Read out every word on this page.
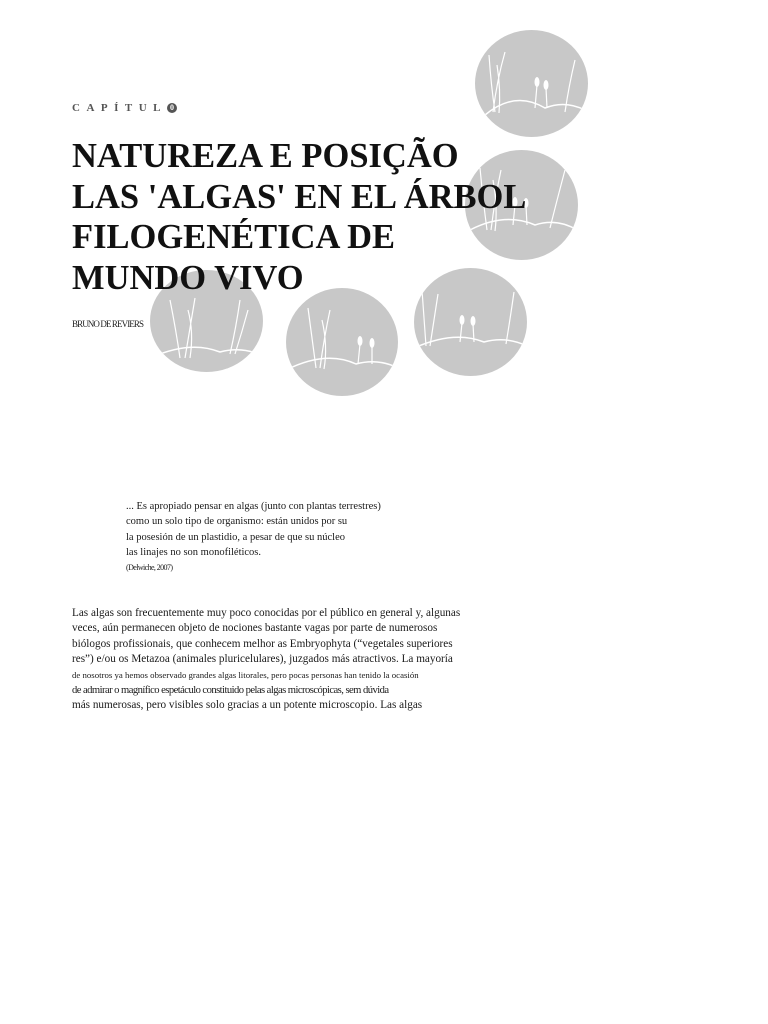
CAPÍTUL 0
NATUREZA E POSIÇÃO
LAS 'ALGAS' EN EL ÁRBOL
FILOGENÉTICA DE
MUNDO VIVO
BRUNO DE REVIERS
... Es apropiado pensar en algas (junto con plantas terrestres)
como un solo tipo de organismo: están unidos por su
la posesión de un plastidio, a pesar de que su núcleo
las linajes no son monofiléticos.
(Delwiche, 2007)
Las algas son frecuentemente muy poco conocidas por el público en general y, algunas
veces, aún permanecen objeto de nociones bastante vagas por parte de numerosos
biólogos profissionais, que conhecem melhor as Embryophyta (“vegetales superiores
res”) e/ou os Metazoa (animales pluricelulares), juzgados más atractivos. La mayoría
de nosotros ya hemos observado grandes algas litorales, pero pocas personas han tenido la ocasión
de admirar o magnífico espetáculo constituido pelas algas microscópicas, sem dúvida
más numerosas, pero visibles solo gracias a un potente microscopio. Las algas
